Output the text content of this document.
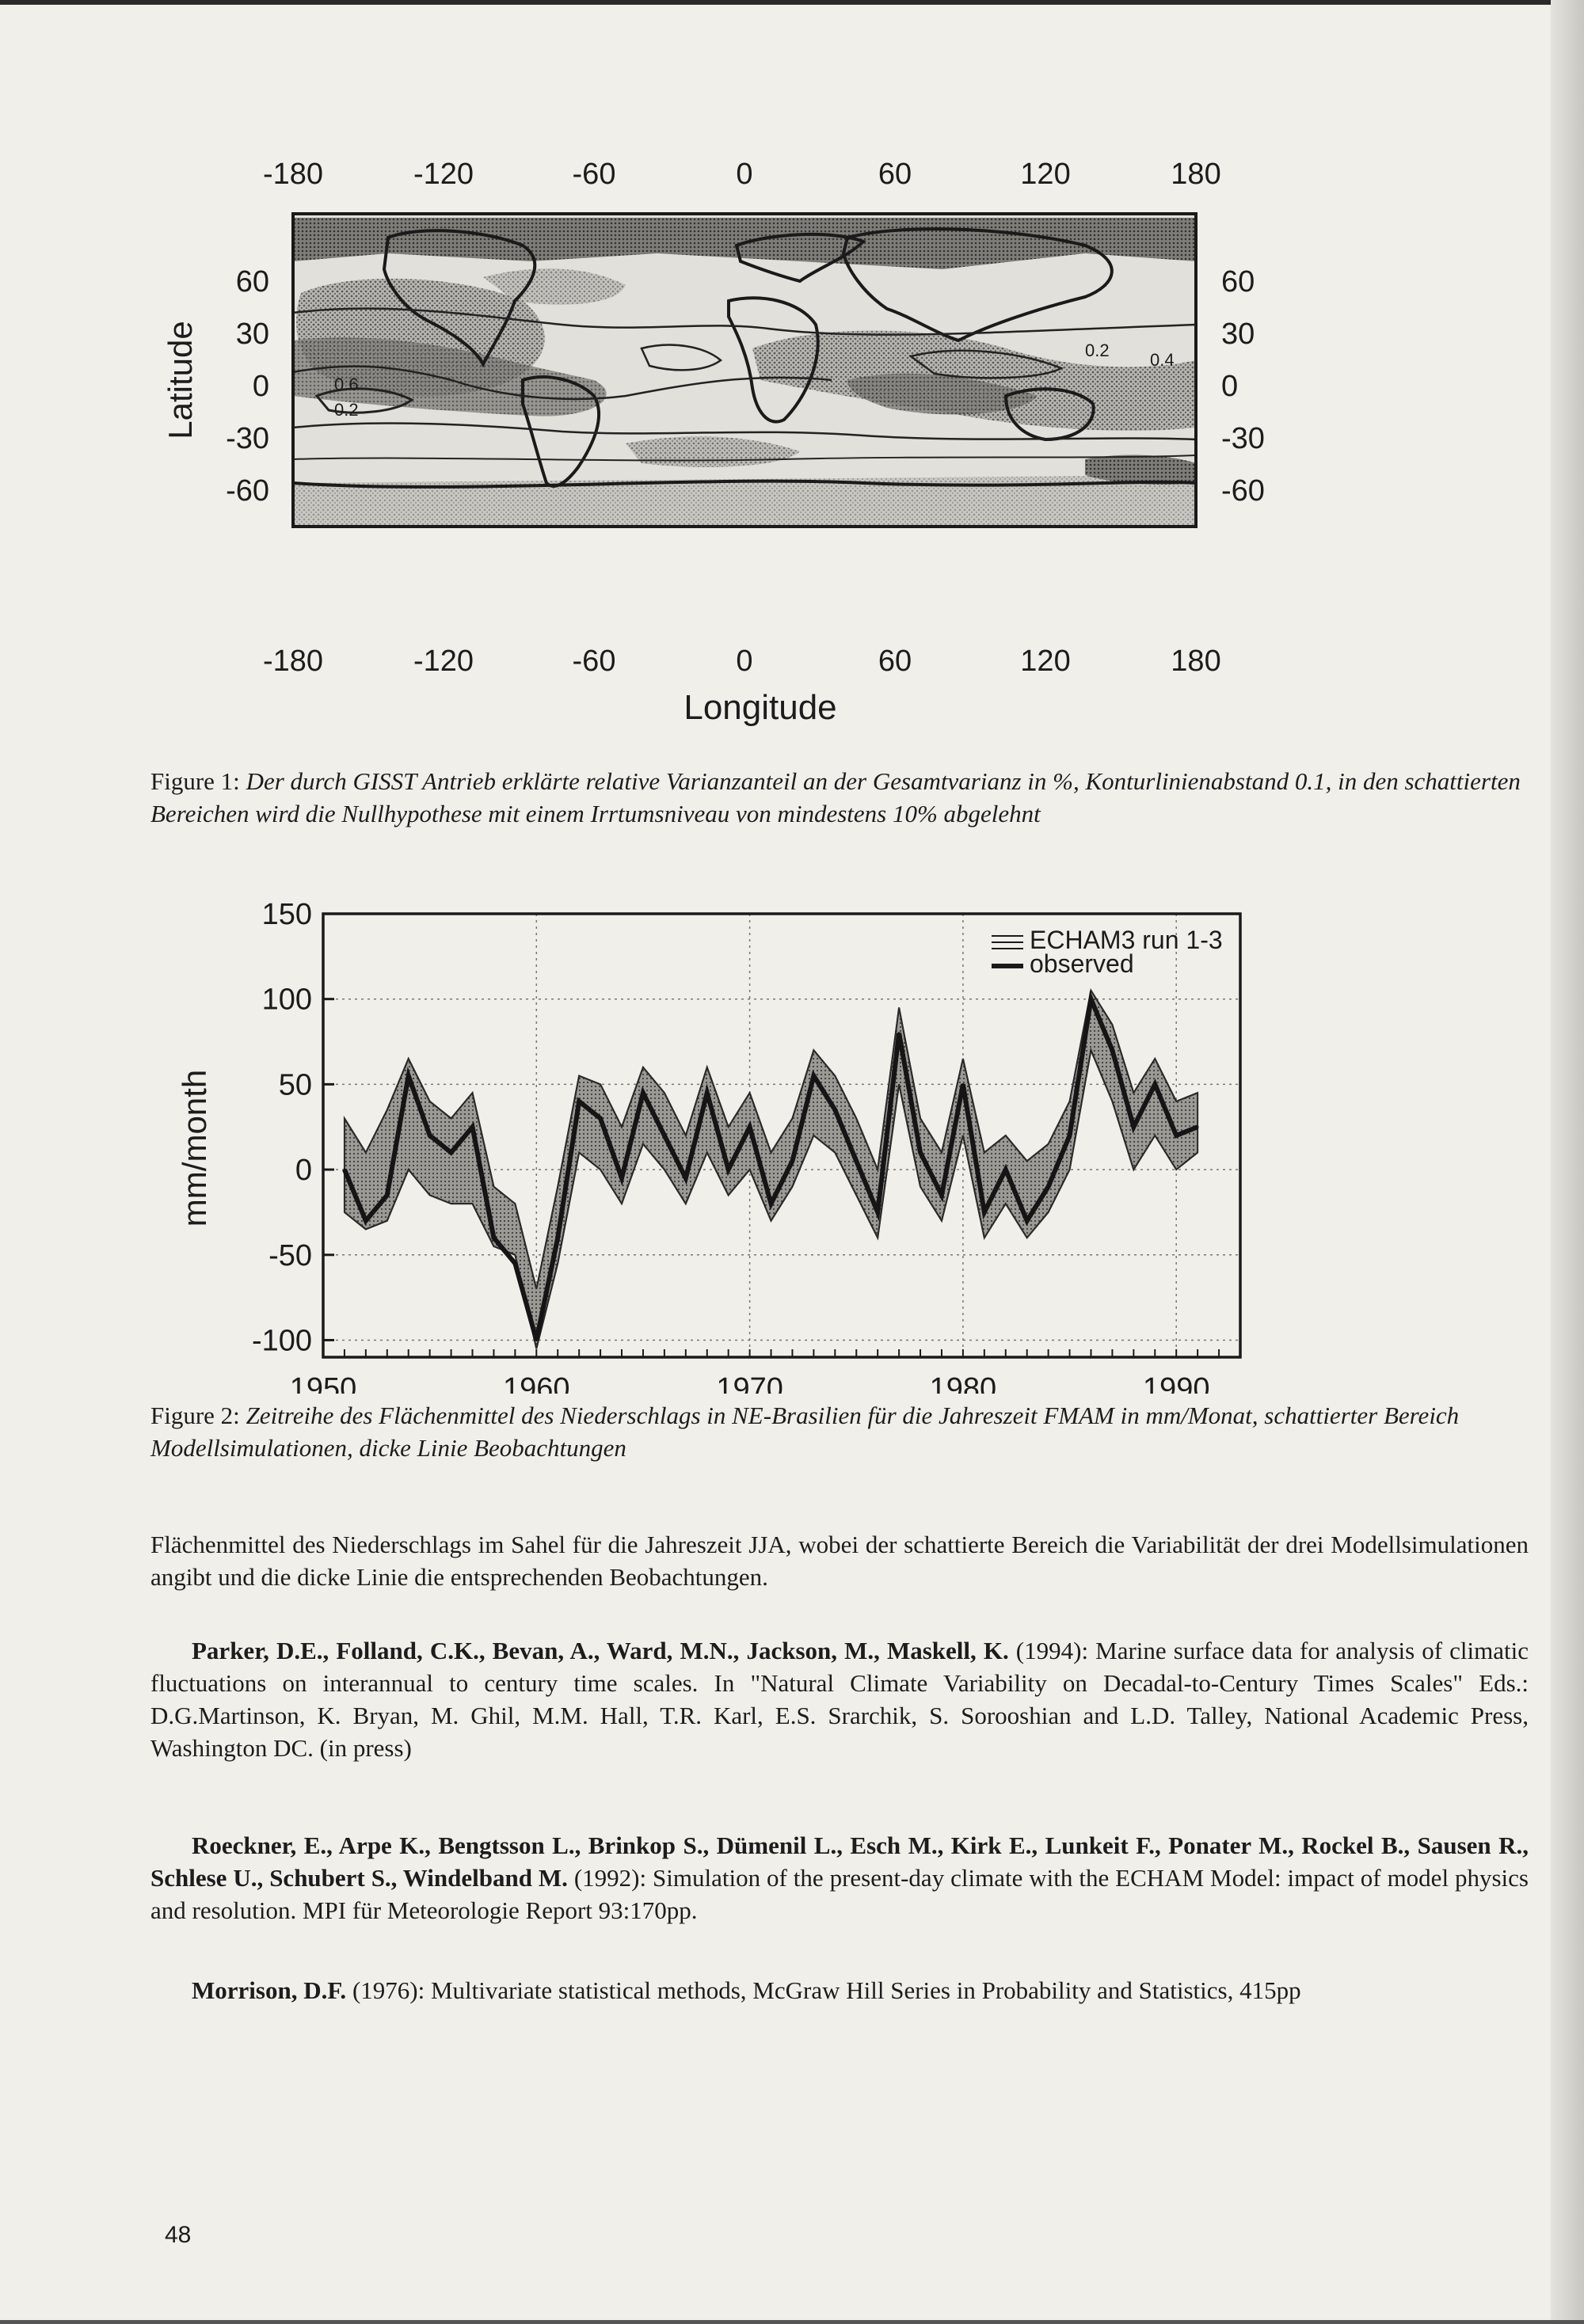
-180	-120	-60	0	60	120	180
0.6
0.2
0.2 0.4
60
30
0
-30
-60
60
30
0
-30
-60
Latitude
-180	-120	-60	0	60	120	180
Longitude
Figure 1: Der durch GISST Antrieb erklärte relative Varianzanteil an der Gesamtvarianz in %, Konturlinienabstand 0.1, in den schattierten Bereichen wird die Nullhypothese mit einem Irrtumsniveau von mindestens 10% abgelehnt
150
100
50
0
-50
-100
1950	1960	1970	1980	1990
mm/month
ECHAM3 run 1-3
observed
Figure 2: Zeitreihe des Flächenmittel des Niederschlags in NE-Brasilien für die Jahreszeit FMAM in mm/Monat, schattierter Bereich Modellsimulationen, dicke Linie Beobachtungen
Flächenmittel des Niederschlags im Sahel für die Jahreszeit JJA, wobei der schattierte Bereich die Variabilität der drei Modellsimulationen angibt und die dicke Linie die entsprechenden Beobachtungen.
Parker, D.E., Folland, C.K., Bevan, A., Ward, M.N., Jackson, M., Maskell, K. (1994): Marine surface data for analysis of climatic fluctuations on interannual to century time scales. In "Natural Climate Variability on Decadal-to-Century Times Scales" Eds.: D.G.Martinson, K. Bryan, M. Ghil, M.M. Hall, T.R. Karl, E.S. Srarchik, S. Sorooshian and L.D. Talley, National Academic Press, Washington DC. (in press)
Roeckner, E., Arpe K., Bengtsson L., Brinkop S., Dümenil L., Esch M., Kirk E., Lunkeit F., Ponater M., Rockel B., Sausen R., Schlese U., Schubert S., Windelband M. (1992): Simulation of the present-day climate with the ECHAM Model: impact of model physics and resolution. MPI für Meteorologie Report 93:170pp.
Morrison, D.F. (1976): Multivariate statistical methods, McGraw Hill Series in Probability and Statistics, 415pp
48
